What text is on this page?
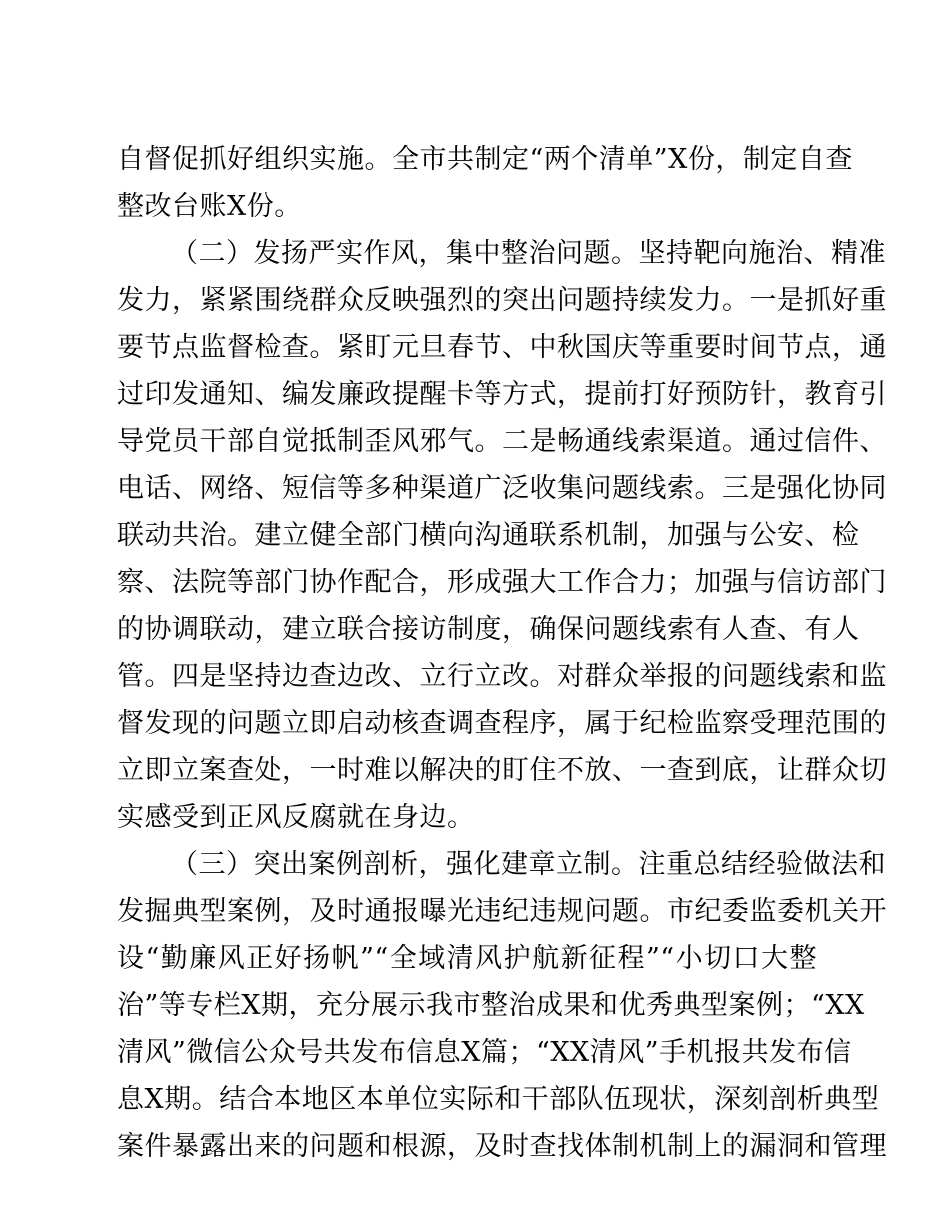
自督促抓好组织实施。全市共制定“两个清单”X份，制定自查
整改台账X份。
（二）发扬严实作风，集中整治问题。坚持靶向施治、精准
发力，紧紧围绕群众反映强烈的突出问题持续发力。一是抓好重
要节点监督检查。紧盯元旦春节、中秋国庆等重要时间节点，通
过印发通知、编发廉政提醒卡等方式，提前打好预防针，教育引
导党员干部自觉抵制歪风邪气。二是畅通线索渠道。通过信件、
电话、网络、短信等多种渠道广泛收集问题线索。三是强化协同
联动共治。建立健全部门横向沟通联系机制，加强与公安、检
察、法院等部门协作配合，形成强大工作合力；加强与信访部门
的协调联动，建立联合接访制度，确保问题线索有人查、有人
管。四是坚持边查边改、立行立改。对群众举报的问题线索和监
督发现的问题立即启动核查调查程序，属于纪检监察受理范围的
立即立案查处，一时难以解决的盯住不放、一查到底，让群众切
实感受到正风反腐就在身边。
（三）突出案例剖析，强化建章立制。注重总结经验做法和
发掘典型案例，及时通报曝光违纪违规问题。市纪委监委机关开
设“勤廉风正好扬帆”“全域清风护航新征程”“小切口大整
治”等专栏X期，充分展示我市整治成果和优秀典型案例；“XX
清风”微信公众号共发布信息X篇；“XX清风”手机报共发布信
息X期。结合本地区本单位实际和干部队伍现状，深刻剖析典型
案件暴露出来的问题和根源，及时查找体制机制上的漏洞和管理
